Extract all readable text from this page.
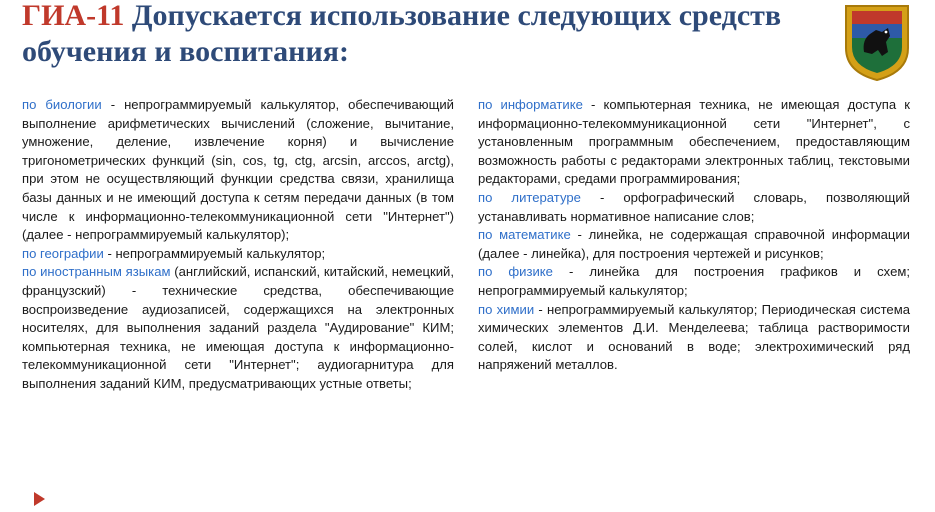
ГИА-11 Допускается использование следующих средств обучения и воспитания:

по биологии - непрограммируемый калькулятор, обеспечивающий выполнение арифметических вычислений (сложение, вычитание, умножение, деление, извлечение корня) и вычисление тригонометрических функций (sin, cos, tg, ctg, arcsin, arccos, arctg), при этом не осуществляющий функции средства связи, хранилища базы данных и не имеющий доступа к сетям передачи данных (в том числе к информационно-телекоммуникационной сети "Интернет") (далее - непрограммируемый калькулятор);

по географии - непрограммируемый калькулятор;

по иностранным языкам (английский, испанский, китайский, немецкий, французский) - технические средства, обеспечивающие воспроизведение аудиозаписей, содержащихся на электронных носителях, для выполнения заданий раздела "Аудирование" КИМ; компьютерная техника, не имеющая доступа к информационно-телекоммуникационной сети "Интернет"; аудиогарнитура для выполнения заданий КИМ, предусматривающих устные ответы;

по информатике - компьютерная техника, не имеющая доступа к информационно-телекоммуникационной сети "Интернет", с установленным программным обеспечением, предоставляющим возможность работы с редакторами электронных таблиц, текстовыми редакторами, средами программирования;

по литературе - орфографический словарь, позволяющий устанавливать нормативное написание слов;

по математике - линейка, не содержащая справочной информации (далее - линейка), для построения чертежей и рисунков;

по физике - линейка для построения графиков и схем; непрограммируемый калькулятор;

по химии - непрограммируемый калькулятор; Периодическая система химических элементов Д.И. Менделеева; таблица растворимости солей, кислот и оснований в воде; электрохимический ряд напряжений металлов.
